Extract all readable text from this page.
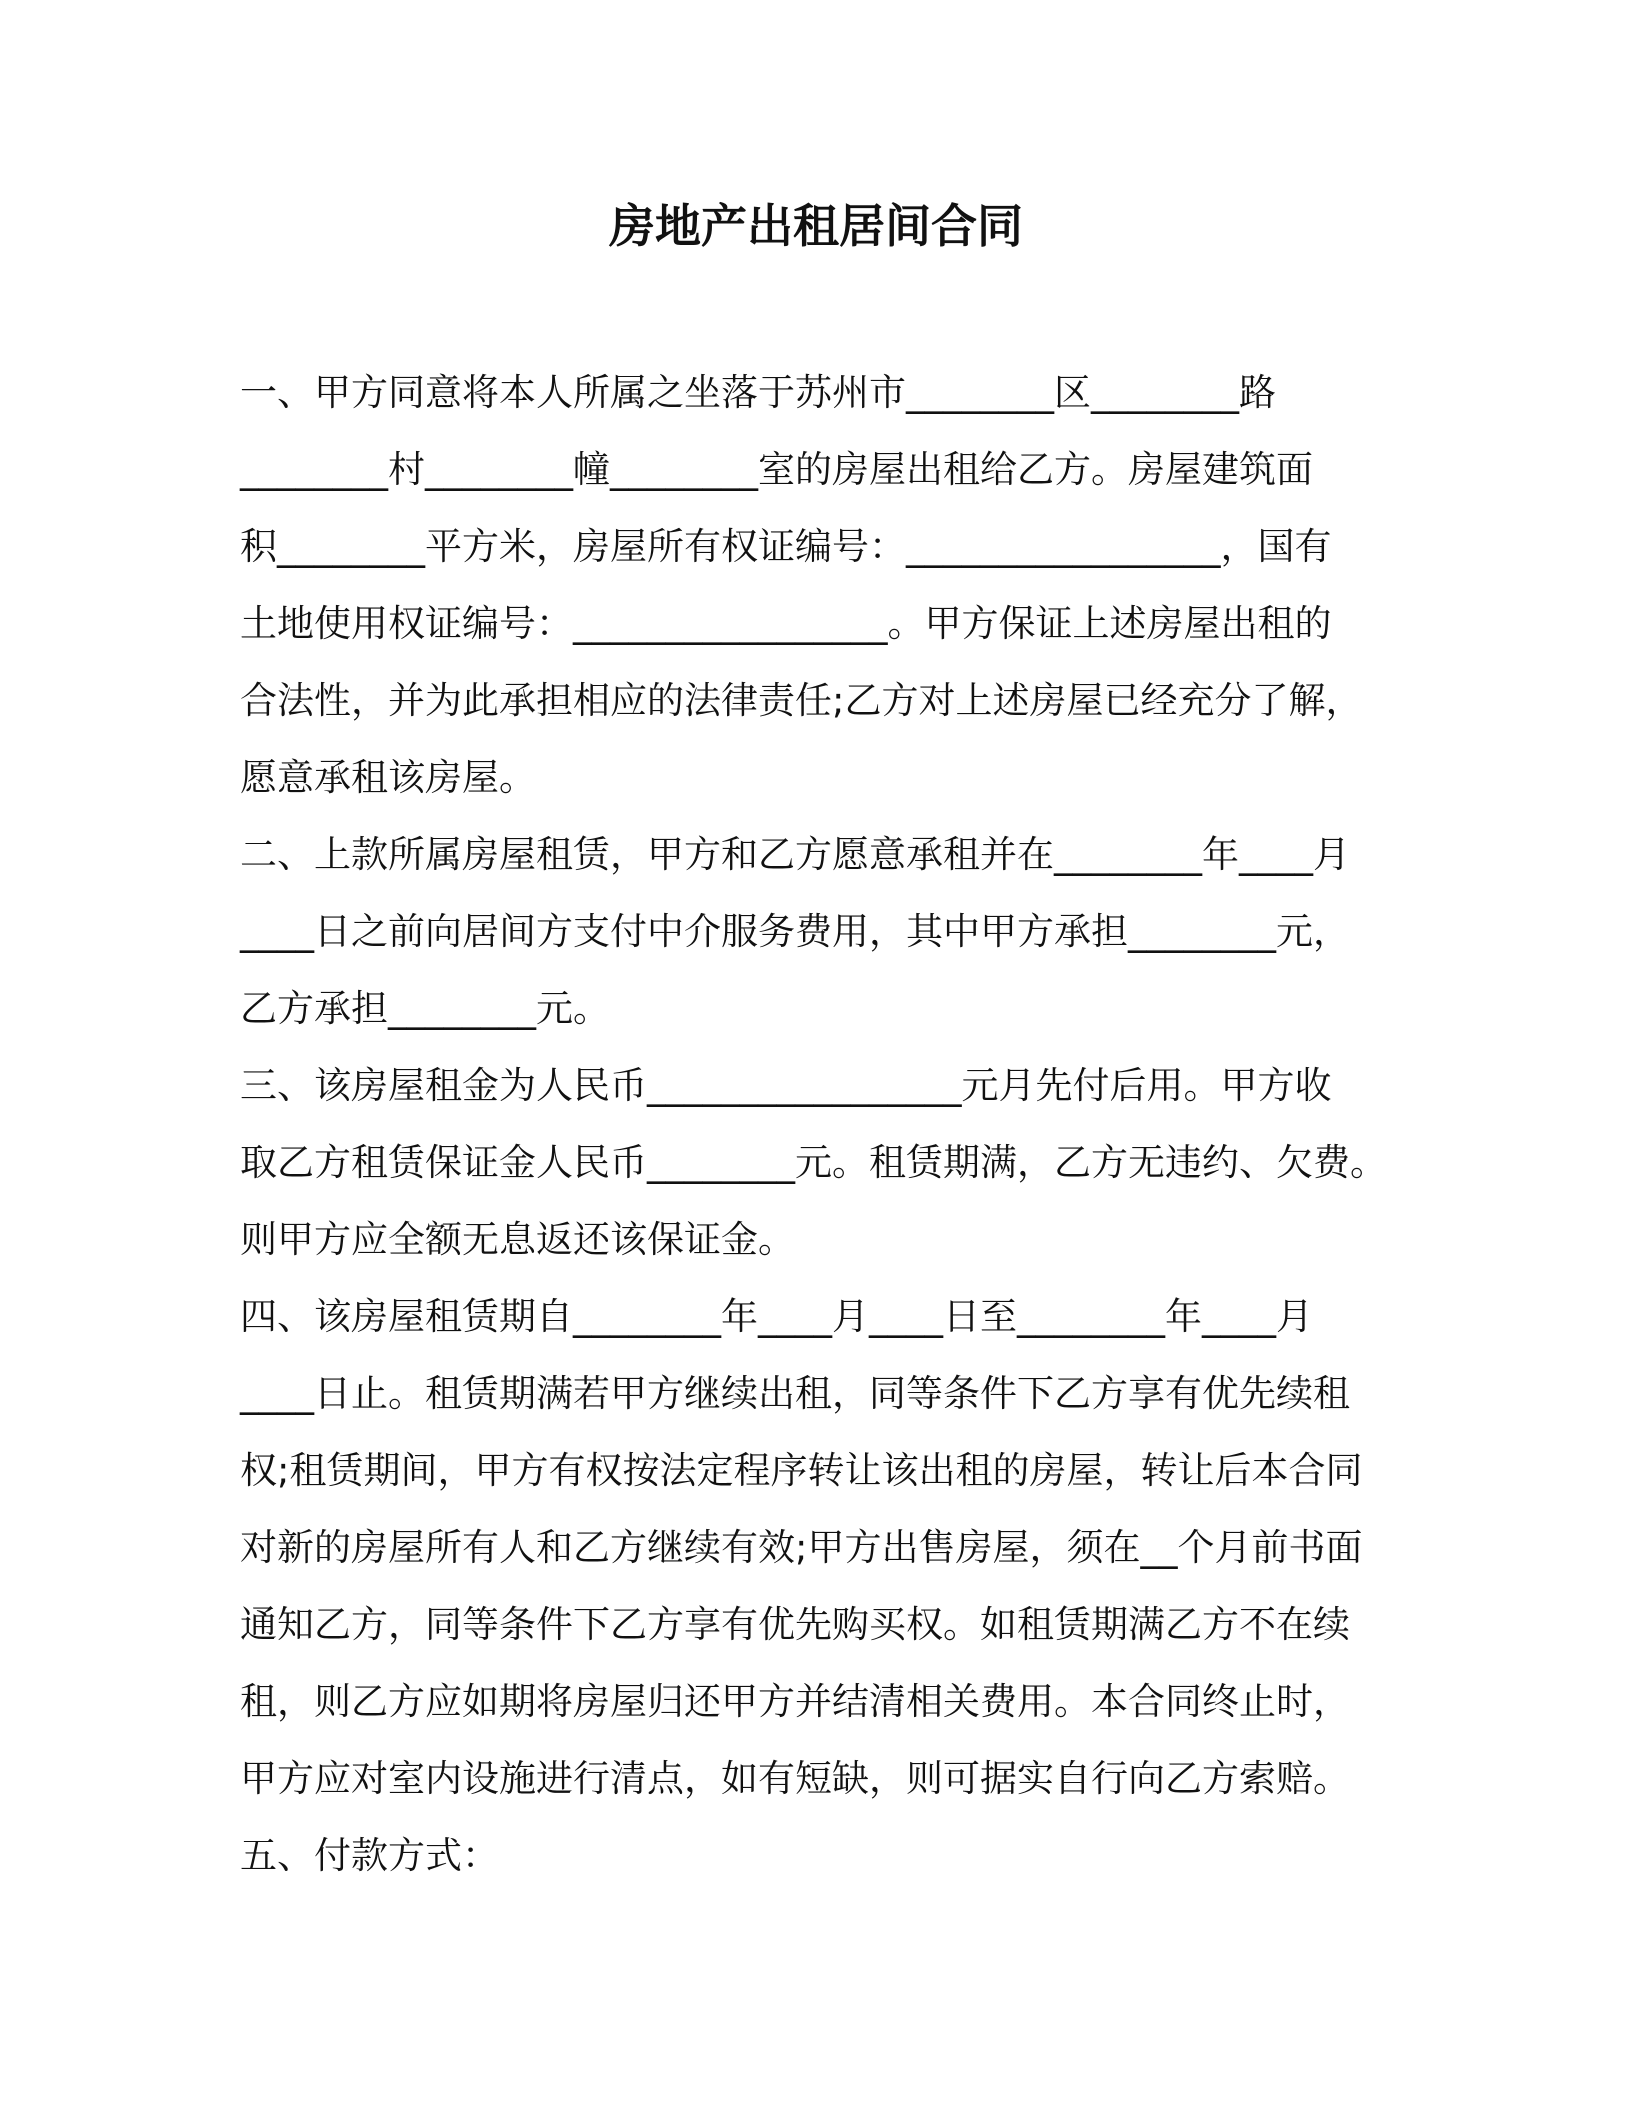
房地产出租居间合同

一、甲方同意将本人所属之坐落于苏州市________区________路

________村________幢________室的房屋出租给乙方。房屋建筑面

积________平方米，房屋所有权证编号：_________________，国有

土地使用权证编号：_________________。甲方保证上述房屋出租的

合法性，并为此承担相应的法律责任;乙方对上述房屋已经充分了解，

愿意承租该房屋。

二、上款所属房屋租赁，甲方和乙方愿意承租并在________年____月

____日之前向居间方支付中介服务费用，其中甲方承担________元，

乙方承担________元。

三、该房屋租金为人民币_________________元月先付后用。甲方收

取乙方租赁保证金人民币________元。租赁期满，乙方无违约、欠费。

则甲方应全额无息返还该保证金。

四、该房屋租赁期自________年____月____日至________年____月

____日止。租赁期满若甲方继续出租，同等条件下乙方享有优先续租

权;租赁期间，甲方有权按法定程序转让该出租的房屋，转让后本合同

对新的房屋所有人和乙方继续有效;甲方出售房屋，须在__个月前书面

通知乙方，同等条件下乙方享有优先购买权。如租赁期满乙方不在续

租，则乙方应如期将房屋归还甲方并结清相关费用。本合同终止时，

甲方应对室内设施进行清点，如有短缺，则可据实自行向乙方索赔。

五、付款方式：
